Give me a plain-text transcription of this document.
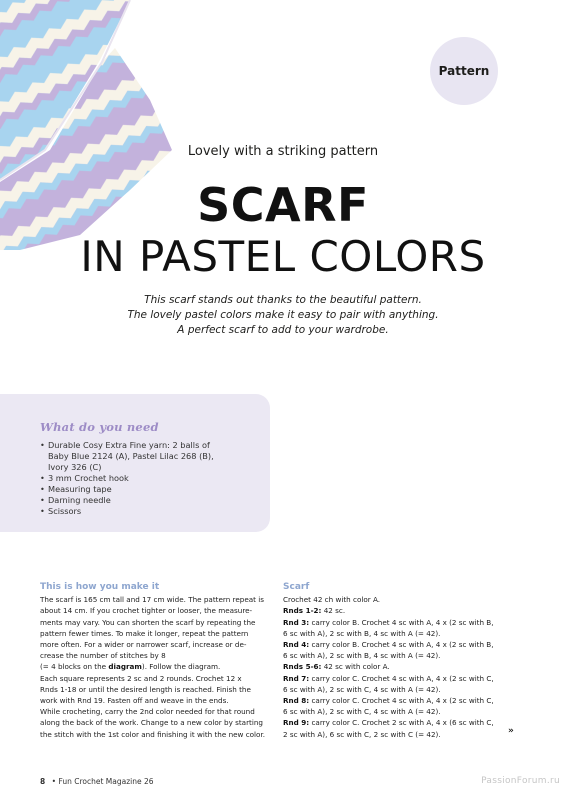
Pattern
Lovely with a striking pattern
SCARF
IN PASTEL COLORS

This scarf stands out thanks to the beautiful pattern.

The lovely pastel colors make it easy to pair with anything.

A perfect scarf to add to your wardrobe.

What do you need
• Durable Cosy Extra Fine yarn: 2 balls of
Baby Blue 2124 (A), Pastel Lilac 268 (B),
Ivory 326 (C)
• 3 mm Crochet hook
• Measuring tape
• Darning needle
• Scissors
This is how you make it

The scarf is 165 cm tall and 17 cm wide. The pattern repeat is

about 14 cm. If you crochet tighter or looser, the measure-

ments may vary. You can shorten the scarf by repeating the

pattern fewer times. To make it longer, repeat the pattern

more often. For a wider or narrower scarf, increase or de-

crease the number of stitches by 8

(= 4 blocks on the diagram). Follow the diagram.

Each square represents 2 sc and 2 rounds. Crochet 12 x

Rnds 1-18 or until the desired length is reached. Finish the

work with Rnd 19. Fasten off and weave in the ends.

While crocheting, carry the 2nd color needed for that round

along the back of the work. Change to a new color by starting

the stitch with the 1st color and finishing it with the new color.

Scarf

Crochet 42 ch with color A.

Rnds 1-2: 42 sc.

Rnd 3: carry color B. Crochet 4 sc with A, 4 x (2 sc with B,

6 sc with A), 2 sc with B, 4 sc with A (= 42).

Rnd 4: carry color B. Crochet 4 sc with A, 4 x (2 sc with B,

6 sc with A), 2 sc with B, 4 sc with A (= 42).

Rnds 5-6: 42 sc with color A.

Rnd 7: carry color C. Crochet 4 sc with A, 4 x (2 sc with C,

6 sc with A), 2 sc with C, 4 sc with A (= 42).

Rnd 8: carry color C. Crochet 4 sc with A, 4 x (2 sc with C,

6 sc with A), 2 sc with C, 4 sc with A (= 42).

Rnd 9: carry color C. Crochet 2 sc with A, 4 x (6 sc with C,

2 sc with A), 6 sc with C, 2 sc with C (= 42).	»
8 • Fun Crochet Magazine 26	PassionForum.ru
